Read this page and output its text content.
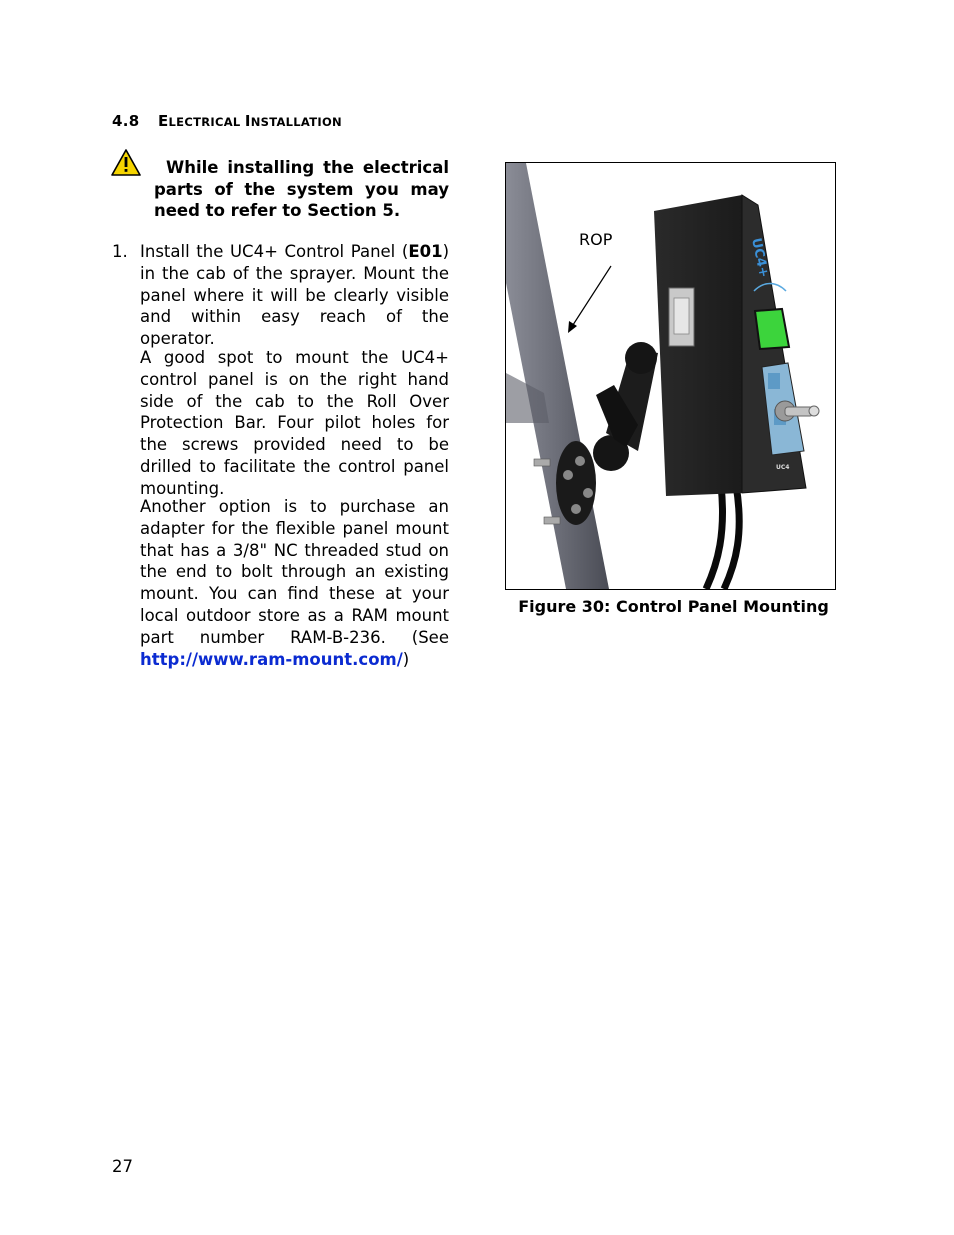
4.8 ELECTRICAL INSTALLATION
While installing the electrical parts of the system you may need to refer to Section 5.
1. Install the UC4+ Control Panel (E01) in the cab of the sprayer. Mount the panel where it will be clearly visible and within easy reach of the operator.

A good spot to mount the UC4+ control panel is on the right hand side of the cab to the Roll Over Protection Bar. Four pilot holes for the screws provided need to be drilled to facilitate the control panel mounting.

Another option is to purchase an adapter for the flexible panel mount that has a 3/8" NC threaded stud on the end to bolt through an existing mount. You can find these at your local outdoor store as a RAM mount part number RAM-B-236. (See http://www.ram-mount.com/)

UC4+
UC4
ROP
Figure 30: Control Panel Mounting
27
